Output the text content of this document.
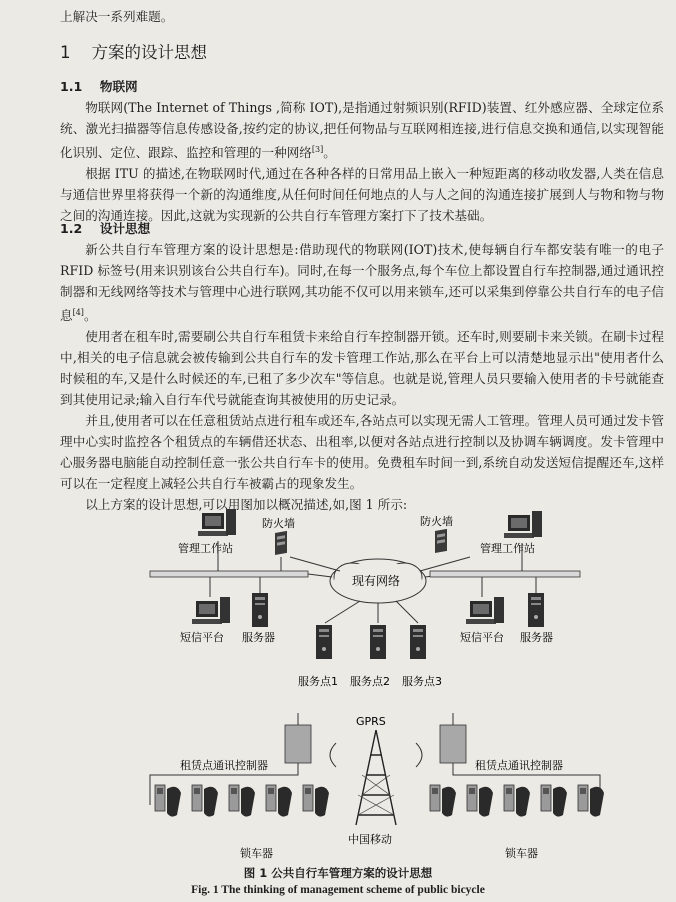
上解决一系列难题。

1 方案的设计思想

1.1 物联网

物联网(The Internet of Things ,简称 IOT),是指通过射频识别(RFID)装置、红外感应器、全球定位系统、激光扫描器等信息传感设备,按约定的协议,把任何物品与互联网相连接,进行信息交换和通信,以实现智能化识别、定位、跟踪、监控和管理的一种网络[3]。

根据 ITU 的描述,在物联网时代,通过在各种各样的日常用品上嵌入一种短距离的移动收发器,人类在信息与通信世界里将获得一个新的沟通维度,从任何时间任何地点的人与人之间的沟通连接扩展到人与物和物与物之间的沟通连接。因此,这就为实现新的公共自行车管理方案打下了技术基础。

1.2 设计思想

新公共自行车管理方案的设计思想是:借助现代的物联网(IOT)技术,使每辆自行车都安装有唯一的电子 RFID 标签号(用来识别该台公共自行车)。同时,在每一个服务点,每个车位上都设置自行车控制器,通过通讯控制器和无线网络等技术与管理中心进行联网,其功能不仅可以用来锁车,还可以采集到停靠公共自行车的电子信息[4]。

使用者在租车时,需要刷公共自行车租赁卡来给自行车控制器开锁。还车时,则要刷卡来关锁。在刷卡过程中,相关的电子信息就会被传输到公共自行车的发卡管理工作站,那么在平台上可以清楚地显示出"使用者什么时候租的车,又是什么时候还的车,已租了多少次车"等信息。也就是说,管理人员只要输入使用者的卡号就能查到其使用记录;输入自行车代号就能查询其被使用的历史记录。

并且,使用者可以在任意租赁站点进行租车或还车,各站点可以实现无需人工管理。管理人员可通过发卡管理中心实时监控各个租赁点的车辆借还状态、出租率,以便对各站点进行控制以及协调车辆调度。发卡管理中心服务器电脑能自动控制任意一张公共自行车卡的使用。免费租车时间一到,系统自动发送短信提醒还车,这样可以在一定程度上减轻公共自行车被霸占的现象发生。

以上方案的设计思想,可以用图加以概况描述,如,图 1 所示:

管理工作站
防火墙
短信平台 服务器
现有网络
防火墙
管理工作站
短信平台 服务器
服务点1 服务点2 服务点3
GPRS
中国移动
租赁点通讯控制器
锁车器
租赁点通讯控制器
锁车器
图 1 公共自行车管理方案的设计思想
Fig. 1 The thinking of management scheme of public bicycle
